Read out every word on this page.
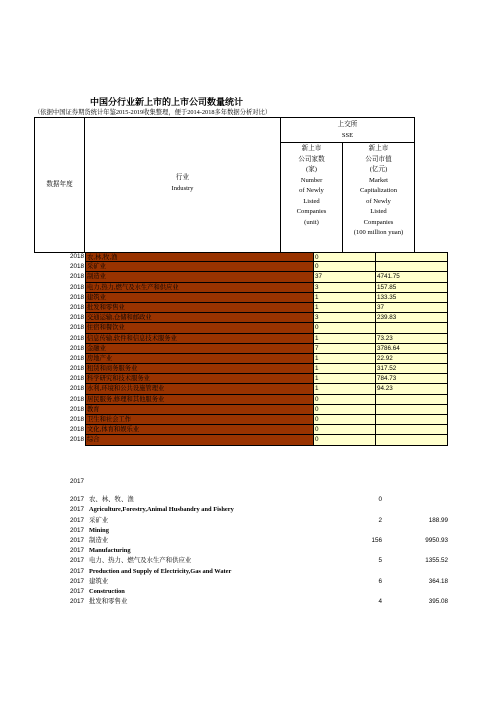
中国分行业新上市的上市公司数量统计
（依据中国证券期货统计年鉴2015-2019收集整理，便于2014-2018多年数据分析对比）
数据年度
行业
Industry
上交所
SSE
新上市
公司家数
(家)
Number
of Newly
Listed
Companies
(unit)
新上市
公司市值
(亿元)
Market
Capitalization
of Newly
Listed
Companies
(100 million yuan)
2018 农,林,牧,渔	0
2018 采矿业	0
2018 制造业	37	4741.75
2018 电力,热力,燃气及水生产和供应业	3	157.85
2018 建筑业	1	133.35
2018 批发和零售业	1	37
2018 交通运输,仓储和邮政业	3	239.83
2018 住宿和餐饮业	0
2018 信息传输,软件和信息技术服务业	1	73.23
2018 金融业	7	3786.64
2018 房地产业	1	22.92
2018 租赁和商务服务业	1	317.52
2018 科学研究和技术服务业	1	784.73
2018 水利,环境和公共设施管理业	1	94.23
2018 居民服务,修理和其他服务业	0
2018 教育	0
2018 卫生和社会工作	0
2018 文化,体育和娱乐业	0
2018 综合	0
2017
2017 农、林、牧、渔	0
2017 Agriculture,Forestry,Animal Husbandry and Fishery
2017 采矿业	2	188.99
2017 Mining
2017 制造业	156	9950.93
2017 Manufacturing
2017 电力、热力、燃气及水生产和供应业	5	1355.52
2017 Production and Supply of Electricity,Gas and Water
2017 建筑业	6	364.18
2017 Construction
2017 批发和零售业	4	395.08
